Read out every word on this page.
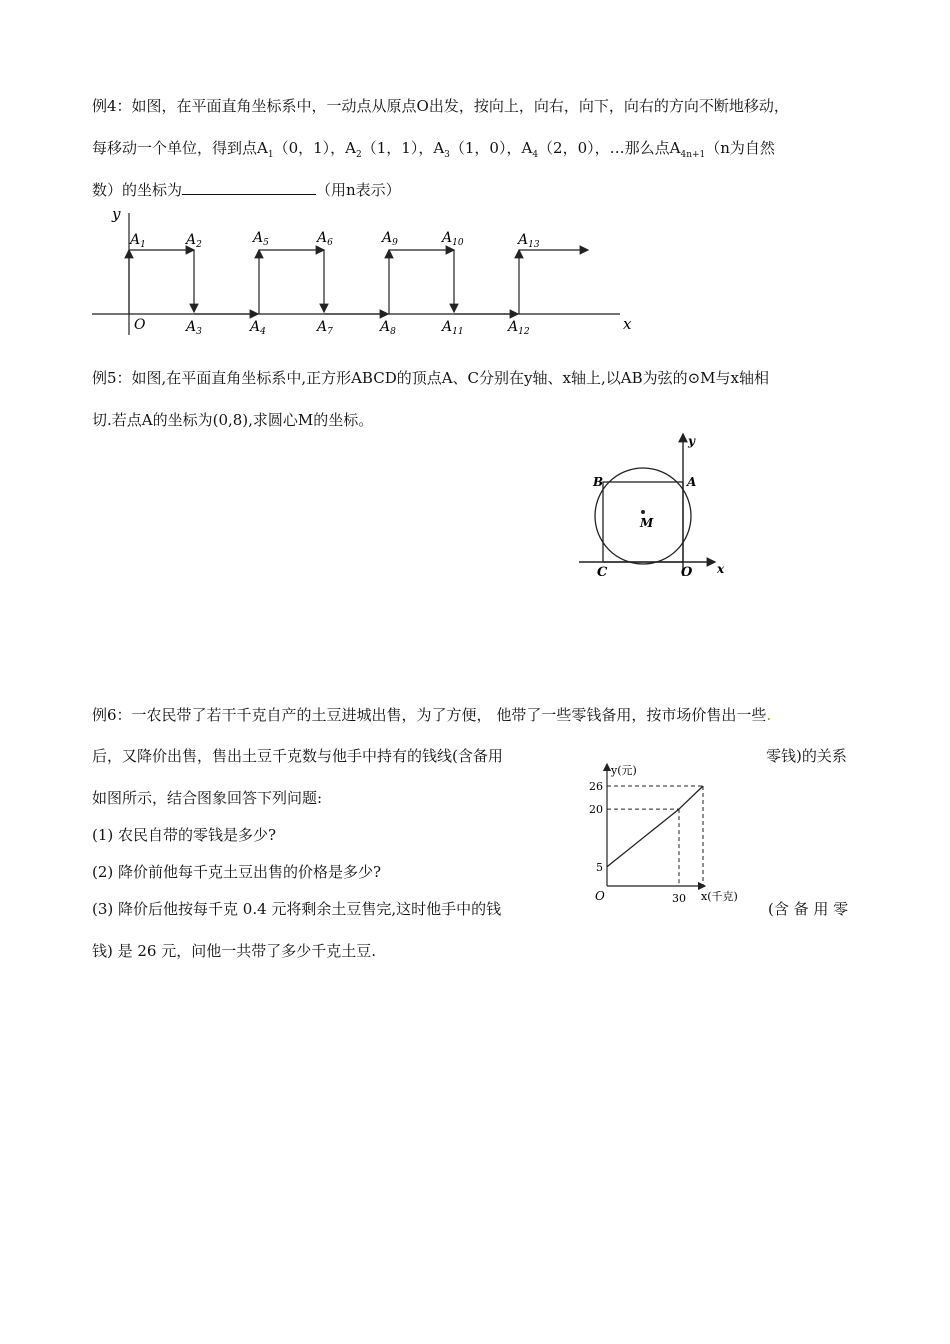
例4：如图，在平面直角坐标系中，一动点从原点O出发，按向上，向右，向下，向右的方向不断地移动，
每移动一个单位，得到点$A_1(0$，1），$A_2(1$，1），$A_3(1$，0），$A_4(2$，0），…那么点$A_{4n+1}(n$为自然
数）的坐标为	（用n表示）
y
x
O
$A_1$	$A_2$
$A_3$	$A_4$
$A_5$	$A_6$
$A_7$	$A_8$
$A_9$	$A_{10}$
$A_{11}$	$A_{12}$
$A_{13}$
例5：如图,在平面直角坐标系中,正方形ABCD的顶点A、C分别在y轴、x轴上,以AB为弦的⊙M与x轴相
切.若点A的坐标为(0,8),求圆心M的坐标。
y
x
B	A
M
C	O
例6：一农民带了若干千克自产的土豆进城出售，为了方便， 他带了一些零钱备用，按市场价售出一些.
后，又降价出售，售出土豆千克数与他手中持有的钱线(含备用	零钱)的关系
如图所示，结合图象回答下列问题:
(1) 农民自带的零钱是多少?
(2) 降价前他每千克土豆出售的价格是多少?
(3) 降价后他按每千克 0.4 元将剩余土豆售完,这时他手中的钱	(含 备 用 零
钱) 是 26 元，问他一共带了多少千克土豆.
y(元)
x(千克)
O
5
20
26
30
